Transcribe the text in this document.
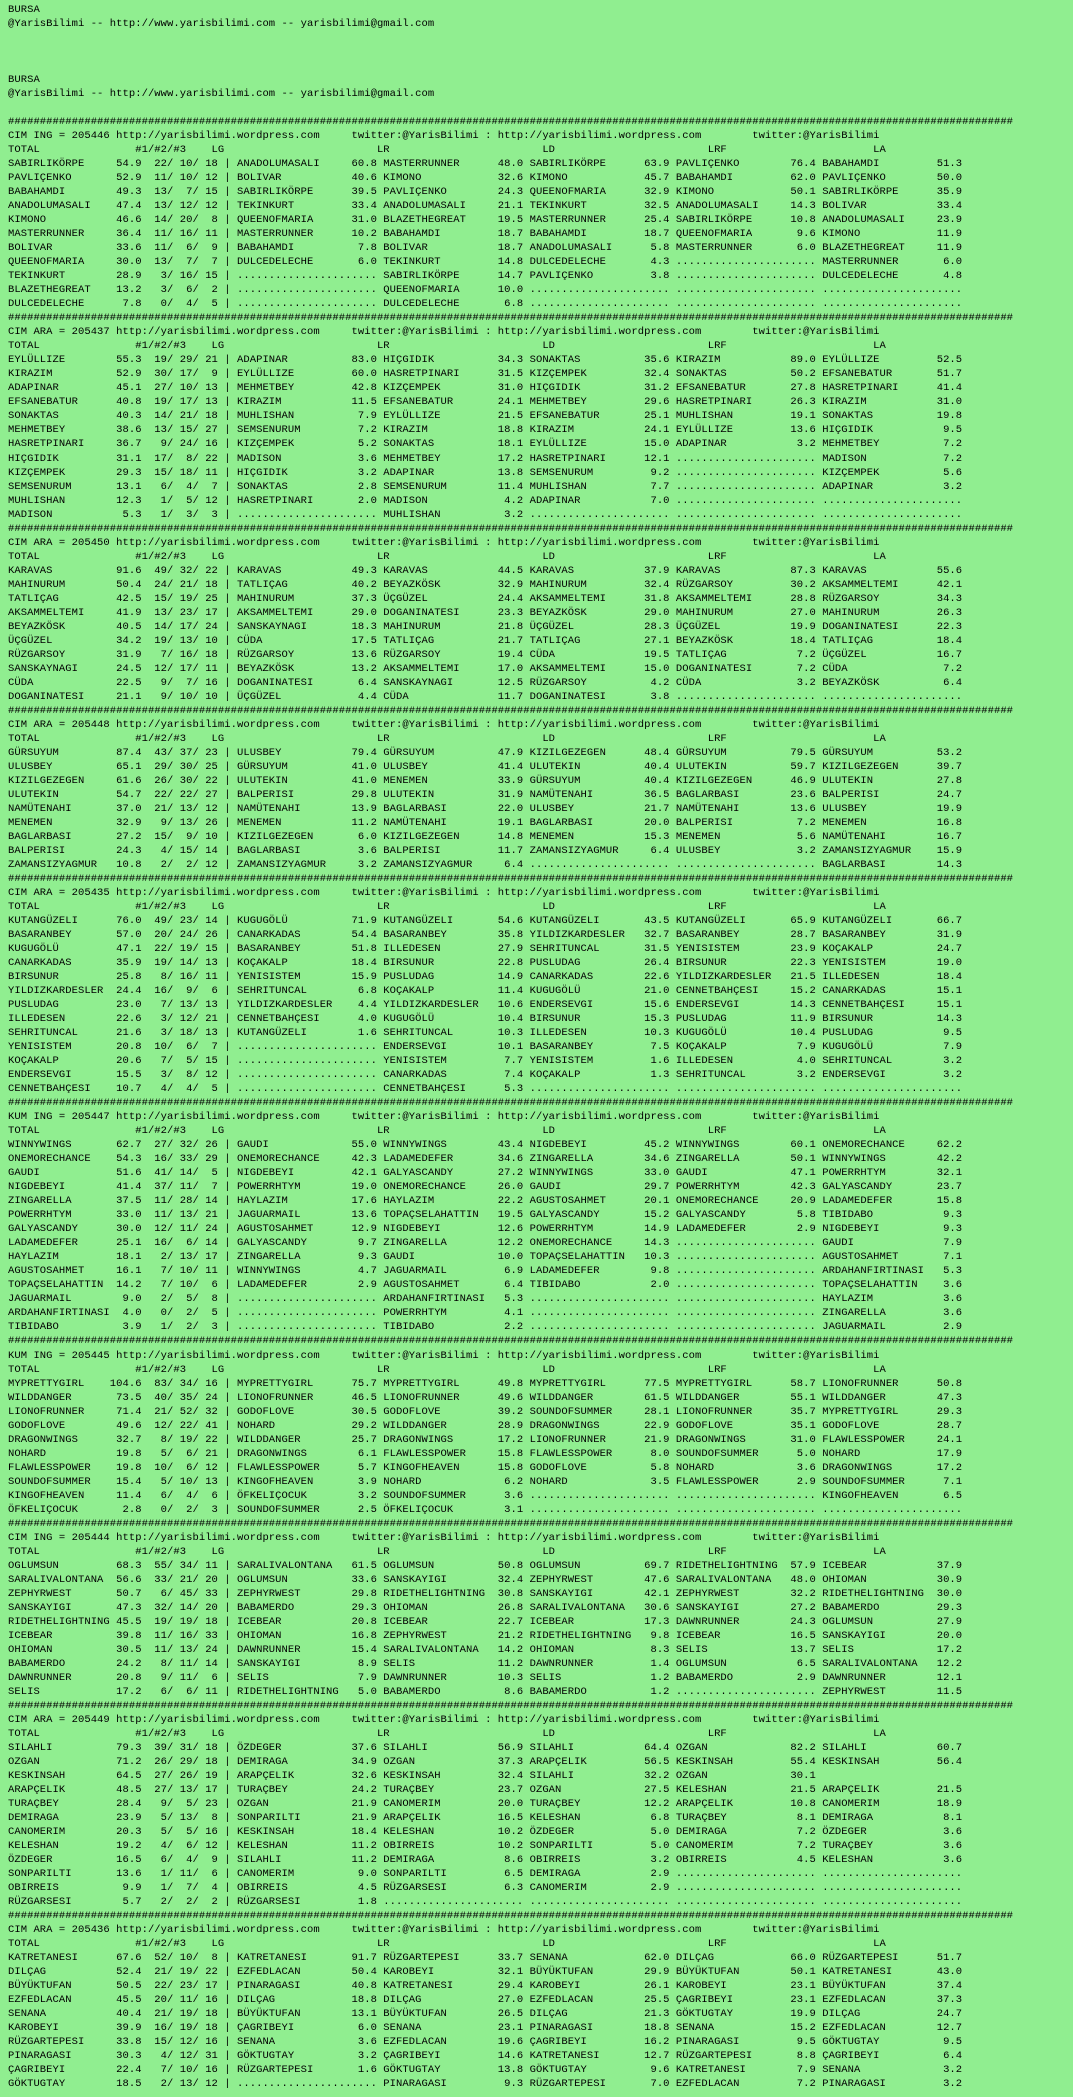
BURSA
@YarisBilimi -- http://www.yarisbilimi.com -- yarisbilimi@gmail.com
BURSA
@YarisBilimi -- http://www.yarisbilimi.com -- yarisbilimi@gmail.com
##############################################################################################################################################################
CIM ING = 205446 http://yarisbilimi.wordpress.com     twitter:@YarisBilimi : http://yarisbilimi.wordpress.com        twitter:@YarisBilimi
TOTAL               #1/#2/#3    LG                        LR                        LD                        LRF                       LA
SABIRLIKÖRPE     54.9  22/ 10/ 18 | ANADOLUMASALI     60.8 MASTERRUNNER      48.0 SABIRLIKÖRPE      63.9 PAVLIÇENKO        76.4 BABAHAMDI         51.3
PAVLIÇENKO       52.9  11/ 10/ 12 | BOLIVAR           40.6 KIMONO            32.6 KIMONO            45.7 BABAHAMDI         62.0 PAVLIÇENKO        50.0
BABAHAMDI        49.3  13/  7/ 15 | SABIRLIKÖRPE      39.5 PAVLIÇENKO        24.3 QUEENOFMARIA      32.9 KIMONO            50.1 SABIRLIKÖRPE      35.9
ANADOLUMASALI    47.4  13/ 12/ 12 | TEKINKURT         33.4 ANADOLUMASALI     21.1 TEKINKURT         32.5 ANADOLUMASALI     14.3 BOLIVAR           33.4
KIMONO           46.6  14/ 20/  8 | QUEENOFMARIA      31.0 BLAZETHEGREAT     19.5 MASTERRUNNER      25.4 SABIRLIKÖRPE      10.8 ANADOLUMASALI     23.9
MASTERRUNNER     36.4  11/ 16/ 11 | MASTERRUNNER      10.2 BABAHAMDI         18.7 BABAHAMDI         18.7 QUEENOFMARIA       9.6 KIMONO            11.9
BOLIVAR          33.6  11/  6/  9 | BABAHAMDI          7.8 BOLIVAR           18.7 ANADOLUMASALI      5.8 MASTERRUNNER       6.0 BLAZETHEGREAT     11.9
QUEENOFMARIA     30.0  13/  7/  7 | DULCEDELECHE       6.0 TEKINKURT         14.8 DULCEDELECHE       4.3 ...................... MASTERRUNNER       6.0
TEKINKURT        28.9   3/ 16/ 15 | ...................... SABIRLIKÖRPE      14.7 PAVLIÇENKO         3.8 ...................... DULCEDELECHE       4.8
BLAZETHEGREAT    13.2   3/  6/  2 | ...................... QUEENOFMARIA      10.0 ...................... ...................... ......................
DULCEDELECHE      7.8   0/  4/  5 | ...................... DULCEDELECHE       6.8 ...................... ...................... ......................
##############################################################################################################################################################
CIM ARA = 205437 http://yarisbilimi.wordpress.com     twitter:@YarisBilimi : http://yarisbilimi.wordpress.com        twitter:@YarisBilimi
TOTAL               #1/#2/#3    LG                        LR                        LD                        LRF                       LA
EYLÜLLIZE        55.3  19/ 29/ 21 | ADAPINAR          83.0 HIÇGIDIK          34.3 SONAKTAS          35.6 KIRAZIM           89.0 EYLÜLLIZE         52.5
KIRAZIM          52.9  30/ 17/  9 | EYLÜLLIZE         60.0 HASRETPINARI      31.5 KIZÇEMPEK         32.4 SONAKTAS          50.2 EFSANEBATUR       51.7
ADAPINAR         45.1  27/ 10/ 13 | MEHMETBEY         42.8 KIZÇEMPEK         31.0 HIÇGIDIK          31.2 EFSANEBATUR       27.8 HASRETPINARI      41.4
EFSANEBATUR      40.8  19/ 17/ 13 | KIRAZIM           11.5 EFSANEBATUR       24.1 MEHMETBEY         29.6 HASRETPINARI      26.3 KIRAZIM           31.0
SONAKTAS         40.3  14/ 21/ 18 | MUHLISHAN          7.9 EYLÜLLIZE         21.5 EFSANEBATUR       25.1 MUHLISHAN         19.1 SONAKTAS          19.8
MEHMETBEY        38.6  13/ 15/ 27 | SEMSENURUM         7.2 KIRAZIM           18.8 KIRAZIM           24.1 EYLÜLLIZE         13.6 HIÇGIDIK           9.5
HASRETPINARI     36.7   9/ 24/ 16 | KIZÇEMPEK          5.2 SONAKTAS          18.1 EYLÜLLIZE         15.0 ADAPINAR           3.2 MEHMETBEY          7.2
HIÇGIDIK         31.1  17/  8/ 22 | MADISON            3.6 MEHMETBEY         17.2 HASRETPINARI      12.1 ...................... MADISON            7.2
KIZÇEMPEK        29.3  15/ 18/ 11 | HIÇGIDIK           3.2 ADAPINAR          13.8 SEMSENURUM         9.2 ...................... KIZÇEMPEK          5.6
SEMSENURUM       13.1   6/  4/  7 | SONAKTAS           2.8 SEMSENURUM        11.4 MUHLISHAN          7.7 ...................... ADAPINAR           3.2
MUHLISHAN        12.3   1/  5/ 12 | HASRETPINARI       2.0 MADISON            4.2 ADAPINAR           7.0 ...................... ......................
MADISON           5.3   1/  3/  3 | ...................... MUHLISHAN          3.2 ...................... ...................... ......................
##############################################################################################################################################################
CIM ARA = 205450 http://yarisbilimi.wordpress.com     twitter:@YarisBilimi : http://yarisbilimi.wordpress.com        twitter:@YarisBilimi
TOTAL               #1/#2/#3    LG                        LR                        LD                        LRF                       LA
KARAVAS          91.6  49/ 32/ 22 | KARAVAS           49.3 KARAVAS           44.5 KARAVAS           37.9 KARAVAS           87.3 KARAVAS           55.6
MAHINURUM        50.4  24/ 21/ 18 | TATLIÇAG          40.2 BEYAZKÖSK         32.9 MAHINURUM         32.4 RÜZGARSOY         30.2 AKSAMMELTEMI      42.1
TATLIÇAG         42.5  15/ 19/ 25 | MAHINURUM         37.3 ÜÇGÜZEL           24.4 AKSAMMELTEMI      31.8 AKSAMMELTEMI      28.8 RÜZGARSOY         34.3
AKSAMMELTEMI     41.9  13/ 23/ 17 | AKSAMMELTEMI      29.0 DOGANINATESI      23.3 BEYAZKÖSK         29.0 MAHINURUM         27.0 MAHINURUM         26.3
BEYAZKÖSK        40.5  14/ 17/ 24 | SANSKAYNAGI       18.3 MAHINURUM         21.8 ÜÇGÜZEL           28.3 ÜÇGÜZEL           19.9 DOGANINATESI      22.3
ÜÇGÜZEL          34.2  19/ 13/ 10 | CÜDA              17.5 TATLIÇAG          21.7 TATLIÇAG          27.1 BEYAZKÖSK         18.4 TATLIÇAG          18.4
RÜZGARSOY        31.9   7/ 16/ 18 | RÜZGARSOY         13.6 RÜZGARSOY         19.4 CÜDA              19.5 TATLIÇAG           7.2 ÜÇGÜZEL           16.7
SANSKAYNAGI      24.5  12/ 17/ 11 | BEYAZKÖSK         13.2 AKSAMMELTEMI      17.0 AKSAMMELTEMI      15.0 DOGANINATESI       7.2 CÜDA               7.2
CÜDA             22.5   9/  7/ 16 | DOGANINATESI       6.4 SANSKAYNAGI       12.5 RÜZGARSOY          4.2 CÜDA               3.2 BEYAZKÖSK          6.4
DOGANINATESI     21.1   9/ 10/ 10 | ÜÇGÜZEL            4.4 CÜDA              11.7 DOGANINATESI       3.8 ...................... ......................
##############################################################################################################################################################
CIM ARA = 205448 http://yarisbilimi.wordpress.com     twitter:@YarisBilimi : http://yarisbilimi.wordpress.com        twitter:@YarisBilimi
TOTAL               #1/#2/#3    LG                        LR                        LD                        LRF                       LA
GÜRSUYUM         87.4  43/ 37/ 23 | ULUSBEY           79.4 GÜRSUYUM          47.9 KIZILGEZEGEN      48.4 GÜRSUYUM          79.5 GÜRSUYUM          53.2
ULUSBEY          65.1  29/ 30/ 25 | GÜRSUYUM          41.0 ULUSBEY           41.4 ULUTEKIN          40.4 ULUTEKIN          59.7 KIZILGEZEGEN      39.7
KIZILGEZEGEN     61.6  26/ 30/ 22 | ULUTEKIN          41.0 MENEMEN           33.9 GÜRSUYUM          40.4 KIZILGEZEGEN      46.9 ULUTEKIN          27.8
ULUTEKIN         54.7  22/ 22/ 27 | BALPERISI         29.8 ULUTEKIN          31.9 NAMÜTENAHI        36.5 BAGLARBASI        23.6 BALPERISI         24.7
NAMÜTENAHI       37.0  21/ 13/ 12 | NAMÜTENAHI        13.9 BAGLARBASI        22.0 ULUSBEY           21.7 NAMÜTENAHI        13.6 ULUSBEY           19.9
MENEMEN          32.9   9/ 13/ 26 | MENEMEN           11.2 NAMÜTENAHI        19.1 BAGLARBASI        20.0 BALPERISI          7.2 MENEMEN           16.8
BAGLARBASI       27.2  15/  9/ 10 | KIZILGEZEGEN       6.0 KIZILGEZEGEN      14.8 MENEMEN           15.3 MENEMEN            5.6 NAMÜTENAHI        16.7
BALPERISI        24.3   4/ 15/ 14 | BAGLARBASI         3.6 BALPERISI         11.7 ZAMANSIZYAGMUR     6.4 ULUSBEY            3.2 ZAMANSIZYAGMUR    15.9
ZAMANSIZYAGMUR   10.8   2/  2/ 12 | ZAMANSIZYAGMUR     3.2 ZAMANSIZYAGMUR     6.4 ...................... ...................... BAGLARBASI        14.3
##############################################################################################################################################################
CIM ARA = 205435 http://yarisbilimi.wordpress.com     twitter:@YarisBilimi : http://yarisbilimi.wordpress.com        twitter:@YarisBilimi
TOTAL               #1/#2/#3    LG                        LR                        LD                        LRF                       LA
KUTANGÜZELI      76.0  49/ 23/ 14 | KUGUGÖLÜ          71.9 KUTANGÜZELI       54.6 KUTANGÜZELI       43.5 KUTANGÜZELI       65.9 KUTANGÜZELI       66.7
BASARANBEY       57.0  20/ 24/ 26 | CANARKADAS        54.4 BASARANBEY        35.8 YILDIZKARDESLER   32.7 BASARANBEY        28.7 BASARANBEY        31.9
KUGUGÖLÜ         47.1  22/ 19/ 15 | BASARANBEY        51.8 ILLEDESEN         27.9 SEHRITUNCAL       31.5 YENISISTEM        23.9 KOÇAKALP          24.7
CANARKADAS       35.9  19/ 14/ 13 | KOÇAKALP          18.4 BIRSUNUR          22.8 PUSLUDAG          26.4 BIRSUNUR          22.3 YENISISTEM        19.0
BIRSUNUR         25.8   8/ 16/ 11 | YENISISTEM        15.9 PUSLUDAG          14.9 CANARKADAS        22.6 YILDIZKARDESLER   21.5 ILLEDESEN         18.4
YILDIZKARDESLER  24.4  16/  9/  6 | SEHRITUNCAL        6.8 KOÇAKALP          11.4 KUGUGÖLÜ          21.0 CENNETBAHÇESI     15.2 CANARKADAS        15.1
PUSLUDAG         23.0   7/ 13/ 13 | YILDIZKARDESLER    4.4 YILDIZKARDESLER   10.6 ENDERSEVGI        15.6 ENDERSEVGI        14.3 CENNETBAHÇESI     15.1
ILLEDESEN        22.6   3/ 12/ 21 | CENNETBAHÇESI      4.0 KUGUGÖLÜ          10.4 BIRSUNUR          15.3 PUSLUDAG          11.9 BIRSUNUR          14.3
SEHRITUNCAL      21.6   3/ 18/ 13 | KUTANGÜZELI        1.6 SEHRITUNCAL       10.3 ILLEDESEN         10.3 KUGUGÖLÜ          10.4 PUSLUDAG           9.5
YENISISTEM       20.8  10/  6/  7 | ...................... ENDERSEVGI        10.1 BASARANBEY         7.5 KOÇAKALP           7.9 KUGUGÖLÜ           7.9
KOÇAKALP         20.6   7/  5/ 15 | ...................... YENISISTEM         7.7 YENISISTEM         1.6 ILLEDESEN          4.0 SEHRITUNCAL        3.2
ENDERSEVGI       15.5   3/  8/ 12 | ...................... CANARKADAS         7.4 KOÇAKALP           1.3 SEHRITUNCAL        3.2 ENDERSEVGI         3.2
CENNETBAHÇESI    10.7   4/  4/  5 | ...................... CENNETBAHÇESI      5.3 ...................... ...................... ......................
##############################################################################################################################################################
KUM ING = 205447 http://yarisbilimi.wordpress.com     twitter:@YarisBilimi : http://yarisbilimi.wordpress.com        twitter:@YarisBilimi
TOTAL               #1/#2/#3    LG                        LR                        LD                        LRF                       LA
WINNYWINGS       62.7  27/ 32/ 26 | GAUDI             55.0 WINNYWINGS        43.4 NIGDEBEYI         45.2 WINNYWINGS        60.1 ONEMORECHANCE     62.2
ONEMORECHANCE    54.3  16/ 33/ 29 | ONEMORECHANCE     42.3 LADAMEDEFER       34.6 ZINGARELLA        34.6 ZINGARELLA        50.1 WINNYWINGS        42.2
GAUDI            51.6  41/ 14/  5 | NIGDEBEYI         42.1 GALYASCANDY       27.2 WINNYWINGS        33.0 GAUDI             47.1 POWERRHTYM        32.1
NIGDEBEYI        41.4  37/ 11/  7 | POWERRHTYM        19.0 ONEMORECHANCE     26.0 GAUDI             29.7 POWERRHTYM        42.3 GALYASCANDY       23.7
ZINGARELLA       37.5  11/ 28/ 14 | HAYLAZIM          17.6 HAYLAZIM          22.2 AGUSTOSAHMET      20.1 ONEMORECHANCE     20.9 LADAMEDEFER       15.8
POWERRHTYM       33.0  11/ 13/ 21 | JAGUARMAIL        13.6 TOPAÇSELAHATTIN   19.5 GALYASCANDY       15.2 GALYASCANDY        5.8 TIBIDABO           9.3
GALYASCANDY      30.0  12/ 11/ 24 | AGUSTOSAHMET      12.9 NIGDEBEYI         12.6 POWERRHTYM        14.9 LADAMEDEFER        2.9 NIGDEBEYI          9.3
LADAMEDEFER      25.1  16/  6/ 14 | GALYASCANDY        9.7 ZINGARELLA        12.2 ONEMORECHANCE     14.3 ...................... GAUDI              7.9
HAYLAZIM         18.1   2/ 13/ 17 | ZINGARELLA         9.3 GAUDI             10.0 TOPAÇSELAHATTIN   10.3 ...................... AGUSTOSAHMET       7.1
AGUSTOSAHMET     16.1   7/ 10/ 11 | WINNYWINGS         4.7 JAGUARMAIL         6.9 LADAMEDEFER        9.8 ...................... ARDAHANFIRTINASI   5.3
TOPAÇSELAHATTIN  14.2   7/ 10/  6 | LADAMEDEFER        2.9 AGUSTOSAHMET       6.4 TIBIDABO           2.0 ...................... TOPAÇSELAHATTIN    3.6
JAGUARMAIL        9.0   2/  5/  8 | ...................... ARDAHANFIRTINASI   5.3 ...................... ...................... HAYLAZIM           3.6
ARDAHANFIRTINASI  4.0   0/  2/  5 | ...................... POWERRHTYM         4.1 ...................... ...................... ZINGARELLA         3.6
TIBIDABO          3.9   1/  2/  3 | ...................... TIBIDABO           2.2 ...................... ...................... JAGUARMAIL         2.9
##############################################################################################################################################################
KUM ING = 205445 http://yarisbilimi.wordpress.com     twitter:@YarisBilimi : http://yarisbilimi.wordpress.com        twitter:@YarisBilimi
TOTAL               #1/#2/#3    LG                        LR                        LD                        LRF                       LA
MYPRETTYGIRL    104.6  83/ 34/ 16 | MYPRETTYGIRL      75.7 MYPRETTYGIRL      49.8 MYPRETTYGIRL      77.5 MYPRETTYGIRL      58.7 LIONOFRUNNER      50.8
WILDDANGER       73.5  40/ 35/ 24 | LIONOFRUNNER      46.5 LIONOFRUNNER      49.6 WILDDANGER        61.5 WILDDANGER        55.1 WILDDANGER        47.3
LIONOFRUNNER     71.4  21/ 52/ 32 | GODOFLOVE         30.5 GODOFLOVE         39.2 SOUNDOFSUMMER     28.1 LIONOFRUNNER      35.7 MYPRETTYGIRL      29.3
GODOFLOVE        49.6  12/ 22/ 41 | NOHARD            29.2 WILDDANGER        28.9 DRAGONWINGS       22.9 GODOFLOVE         35.1 GODOFLOVE         28.7
DRAGONWINGS      32.7   8/ 19/ 22 | WILDDANGER        25.7 DRAGONWINGS       17.2 LIONOFRUNNER      21.9 DRAGONWINGS       31.0 FLAWLESSPOWER     24.1
NOHARD           19.8   5/  6/ 21 | DRAGONWINGS        6.1 FLAWLESSPOWER     15.8 FLAWLESSPOWER      8.0 SOUNDOFSUMMER      5.0 NOHARD            17.9
FLAWLESSPOWER    19.8  10/  6/ 12 | FLAWLESSPOWER      5.7 KINGOFHEAVEN      15.8 GODOFLOVE          5.8 NOHARD             3.6 DRAGONWINGS       17.2
SOUNDOFSUMMER    15.4   5/ 10/ 13 | KINGOFHEAVEN       3.9 NOHARD             6.2 NOHARD             3.5 FLAWLESSPOWER      2.9 SOUNDOFSUMMER      7.1
KINGOFHEAVEN     11.4   6/  4/  6 | ÖFKELIÇOCUK        3.2 SOUNDOFSUMMER      3.6 ...................... ...................... KINGOFHEAVEN       6.5
ÖFKELIÇOCUK       2.8   0/  2/  3 | SOUNDOFSUMMER      2.5 ÖFKELIÇOCUK        3.1 ...................... ...................... ......................
##############################################################################################################################################################
CIM ING = 205444 http://yarisbilimi.wordpress.com     twitter:@YarisBilimi : http://yarisbilimi.wordpress.com        twitter:@YarisBilimi
TOTAL               #1/#2/#3    LG                        LR                        LD                        LRF                       LA
OGLUMSUN         68.3  55/ 34/ 11 | SARALIVALONTANA   61.5 OGLUMSUN          50.8 OGLUMSUN          69.7 RIDETHELIGHTNING  57.9 ICEBEAR           37.9
SARALIVALONTANA  56.6  33/ 21/ 20 | OGLUMSUN          33.6 SANSKAYIGI        32.4 ZEPHYRWEST        47.6 SARALIVALONTANA   48.0 OHIOMAN           30.9
ZEPHYRWEST       50.7   6/ 45/ 33 | ZEPHYRWEST        29.8 RIDETHELIGHTNING  30.8 SANSKAYIGI        42.1 ZEPHYRWEST        32.2 RIDETHELIGHTNING  30.0
SANSKAYIGI       47.3  32/ 14/ 20 | BABAMERDO         29.3 OHIOMAN           26.8 SARALIVALONTANA   30.6 SANSKAYIGI        27.2 BABAMERDO         29.3
RIDETHELIGHTNING 45.5  19/ 19/ 18 | ICEBEAR           20.8 ICEBEAR           22.7 ICEBEAR           17.3 DAWNRUNNER        24.3 OGLUMSUN          27.9
ICEBEAR          39.8  11/ 16/ 33 | OHIOMAN           16.8 ZEPHYRWEST        21.2 RIDETHELIGHTNING   9.8 ICEBEAR           16.5 SANSKAYIGI        20.0
OHIOMAN          30.5  11/ 13/ 24 | DAWNRUNNER        15.4 SARALIVALONTANA   14.2 OHIOMAN            8.3 SELIS             13.7 SELIS             17.2
BABAMERDO        24.2   8/ 11/ 14 | SANSKAYIGI         8.9 SELIS             11.2 DAWNRUNNER         1.4 OGLUMSUN           6.5 SARALIVALONTANA   12.2
DAWNRUNNER       20.8   9/ 11/  6 | SELIS              7.9 DAWNRUNNER        10.3 SELIS              1.2 BABAMERDO          2.9 DAWNRUNNER        12.1
SELIS            17.2   6/  6/ 11 | RIDETHELIGHTNING   5.0 BABAMERDO          8.6 BABAMERDO          1.2 ...................... ZEPHYRWEST        11.5
##############################################################################################################################################################
CIM ARA = 205449 http://yarisbilimi.wordpress.com     twitter:@YarisBilimi : http://yarisbilimi.wordpress.com        twitter:@YarisBilimi
TOTAL               #1/#2/#3    LG                        LR                        LD                        LRF                       LA
SILAHLI          79.3  39/ 31/ 18 | ÖZDEGER           37.6 SILAHLI           56.9 SILAHLI           64.4 OZGAN             82.2 SILAHLI           60.7
OZGAN            71.2  26/ 29/ 18 | DEMIRAGA          34.9 OZGAN             37.3 ARAPÇELIK         56.5 KESKINSAH         55.4 KESKINSAH         56.4
KESKINSAH        64.5  27/ 26/ 19 | ARAPÇELIK         32.6 KESKINSAH         32.4 SILAHLI           32.2 OZGAN             30.1
ARAPÇELIK        48.5  27/ 13/ 17 | TURAÇBEY          24.2 TURAÇBEY          23.7 OZGAN             27.5 KELESHAN          21.5 ARAPÇELIK         21.5
TURAÇBEY         28.4   9/  5/ 23 | OZGAN             21.9 CANOMERIM         20.0 TURAÇBEY          12.2 ARAPÇELIK         10.8 CANOMERIM         18.9
DEMIRAGA         23.9   5/ 13/  8 | SONPARILTI        21.9 ARAPÇELIK         16.5 KELESHAN           6.8 TURAÇBEY           8.1 DEMIRAGA           8.1
CANOMERIM        20.3   5/  5/ 16 | KESKINSAH         18.4 KELESHAN          10.2 ÖZDEGER            5.0 DEMIRAGA           7.2 ÖZDEGER            3.6
KELESHAN         19.2   4/  6/ 12 | KELESHAN          11.2 OBIRREIS          10.2 SONPARILTI         5.0 CANOMERIM          7.2 TURAÇBEY           3.6
ÖZDEGER          16.5   6/  4/  9 | SILAHLI           11.2 DEMIRAGA           8.6 OBIRREIS           3.2 OBIRREIS           4.5 KELESHAN           3.6
SONPARILTI       13.6   1/ 11/  6 | CANOMERIM          9.0 SONPARILTI         6.5 DEMIRAGA           2.9 ...................... ......................
OBIRREIS          9.9   1/  7/  4 | OBIRREIS           4.5 RÜZGARSESI         6.3 CANOMERIM          2.9 ...................... ......................
RÜZGARSESI        5.7   2/  2/  2 | RÜZGARSESI         1.8 ...................... ...................... ...................... ......................
##############################################################################################################################################################
CIM ARA = 205436 http://yarisbilimi.wordpress.com     twitter:@YarisBilimi : http://yarisbilimi.wordpress.com        twitter:@YarisBilimi
TOTAL               #1/#2/#3    LG                        LR                        LD                        LRF                       LA
KATRETANESI      67.6  52/ 10/  8 | KATRETANESI       91.7 RÜZGARTEPESI      33.7 SENANA            62.0 DILÇAG            66.0 RÜZGARTEPESI      51.7
DILÇAG           52.4  21/ 19/ 22 | EZFEDLACAN        50.4 KAROBEYI          32.1 BÜYÜKTUFAN        29.9 BÜYÜKTUFAN        50.1 KATRETANESI       43.0
BÜYÜKTUFAN       50.5  22/ 23/ 17 | PINARAGASI        40.8 KATRETANESI       29.4 KAROBEYI          26.1 KAROBEYI          23.1 BÜYÜKTUFAN        37.4
EZFEDLACAN       45.5  20/ 11/ 16 | DILÇAG            18.8 DILÇAG            27.0 EZFEDLACAN        25.5 ÇAGRIBEYI         23.1 EZFEDLACAN        37.3
SENANA           40.4  21/ 19/ 18 | BÜYÜKTUFAN        13.1 BÜYÜKTUFAN        26.5 DILÇAG            21.3 GÖKTUGTAY         19.9 DILÇAG            24.7
KAROBEYI         39.9  16/ 19/ 18 | ÇAGRIBEYI          6.0 SENANA            23.1 PINARAGASI        18.8 SENANA            15.2 EZFEDLACAN        12.7
RÜZGARTEPESI     33.8  15/ 12/ 16 | SENANA             3.6 EZFEDLACAN        19.6 ÇAGRIBEYI         16.2 PINARAGASI         9.5 GÖKTUGTAY          9.5
PINARAGASI       30.3   4/ 12/ 31 | GÖKTUGTAY          3.2 ÇAGRIBEYI         14.6 KATRETANESI       12.7 RÜZGARTEPESI       8.8 ÇAGRIBEYI          6.4
ÇAGRIBEYI        22.4   7/ 10/ 16 | RÜZGARTEPESI       1.6 GÖKTUGTAY         13.8 GÖKTUGTAY          9.6 KATRETANESI        7.9 SENANA             3.2
GÖKTUGTAY        18.5   2/ 13/ 12 | ...................... PINARAGASI         9.3 RÜZGARTEPESI       7.0 EZFEDLACAN         7.2 PINARAGASI         3.2
